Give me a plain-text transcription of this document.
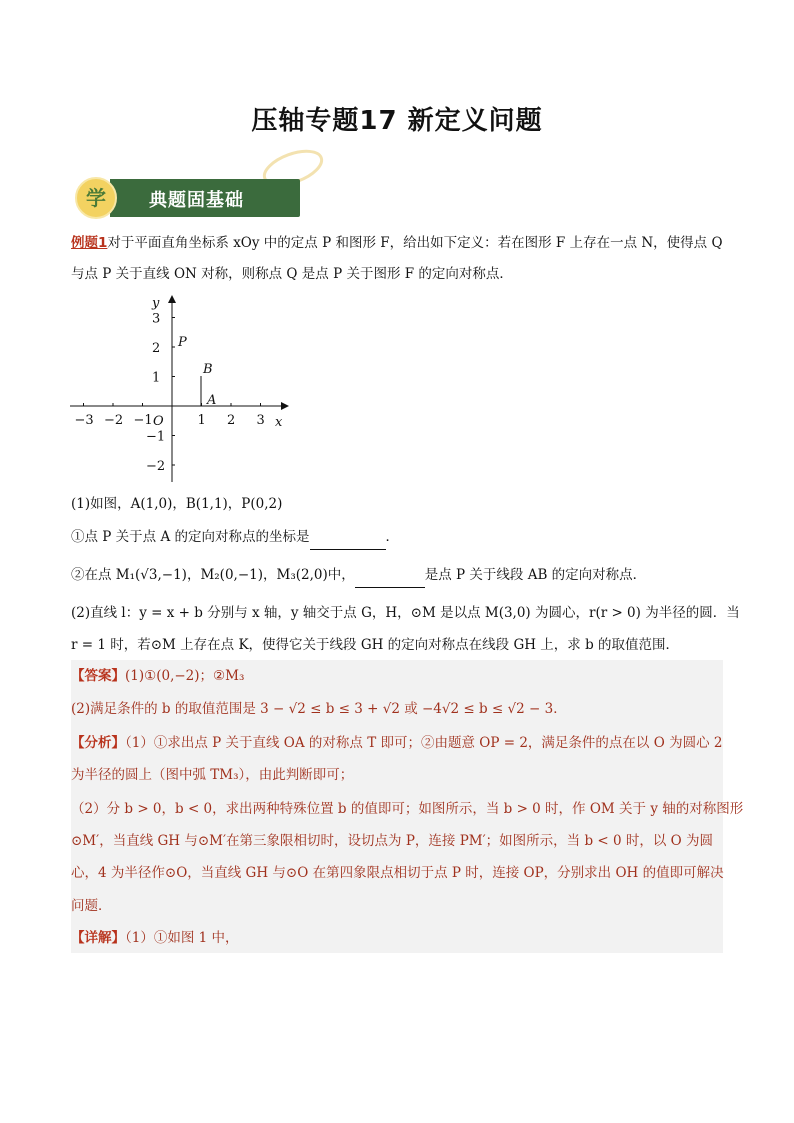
压轴专题17 新定义问题
学	典题固基础
例题1对于平面直角坐标系 xOy 中的定点 P 和图形 F，给出如下定义：若在图形 F 上存在一点 N，使得点 Q
与点 P 关于直线 ON 对称，则称点 Q 是点 P 关于图形 F 的定向对称点．
−3 −2 −1	1 2 3
3
2
1
−1
−2
y
x
O
P
B
A
(1)如图，A(1,0)，B(1,1)，P(0,2)
①点 P 关于点 A 的定向对称点的坐标是	．
②在点 M₁(√3,−1)，M₂(0,−1)，M₃(2,0)中，	是点 P 关于线段 AB 的定向对称点．
(2)直线 l：y = x + b 分别与 x 轴，y 轴交于点 G，H，⊙M 是以点 M(3,0) 为圆心，r(r > 0) 为半径的圆．当
r = 1 时，若⊙M 上存在点 K，使得它关于线段 GH 的定向对称点在线段 GH 上，求 b 的取值范围．
【答案】(1)①(0,−2)；②M₃
(2)满足条件的 b 的取值范围是 3 − √2 ≤ b ≤ 3 + √2 或 −4√2 ≤ b ≤ √2 − 3．
【分析】（1）①求出点 P 关于直线 OA 的对称点 T 即可；②由题意 OP = 2，满足条件的点在以 O 为圆心 2
为半径的圆上（图中弧 TM₃），由此判断即可；
（2）分 b > 0，b < 0，求出两种特殊位置 b 的值即可；如图所示，当 b > 0 时，作 OM 关于 y 轴的对称图形
⊙M′，当直线 GH 与⊙M′在第三象限相切时，设切点为 P，连接 PM′；如图所示，当 b < 0 时，以 O 为圆
心，4 为半径作⊙O，当直线 GH 与⊙O 在第四象限点相切于点 P 时，连接 OP，分别求出 OH 的值即可解决
问题．
【详解】（1）①如图 1 中，
